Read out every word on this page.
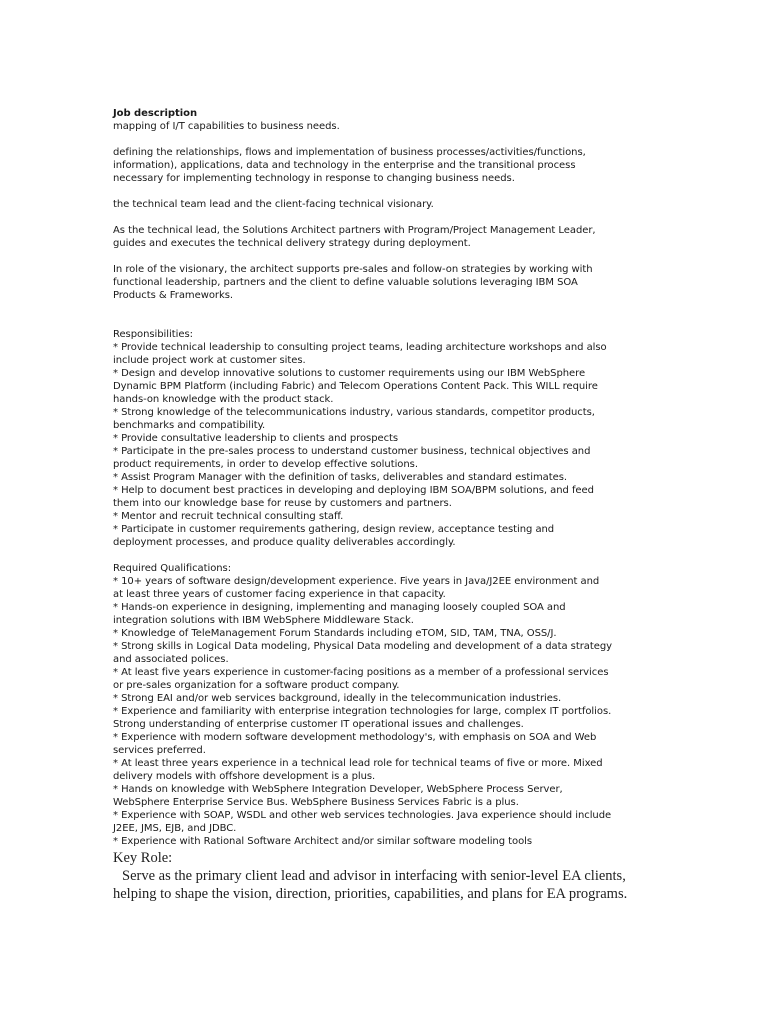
Job description
mapping of I/T capabilities to business needs.
defining the relationships, flows and implementation of business processes/activities/functions,
information), applications, data and technology in the enterprise and the transitional process
necessary for implementing technology in response to changing business needs.
the technical team lead and the client-facing technical visionary.
As the technical lead, the Solutions Architect partners with Program/Project Management Leader,
guides and executes the technical delivery strategy during deployment.
In role of the visionary, the architect supports pre-sales and follow-on strategies by working with
functional leadership, partners and the client to define valuable solutions leveraging IBM SOA
Products & Frameworks.
Responsibilities:
* Provide technical leadership to consulting project teams, leading architecture workshops and also
include project work at customer sites.
* Design and develop innovative solutions to customer requirements using our IBM WebSphere
Dynamic BPM Platform (including Fabric) and Telecom Operations Content Pack. This WILL require
hands-on knowledge with the product stack.
* Strong knowledge of the telecommunications industry, various standards, competitor products,
benchmarks and compatibility.
* Provide consultative leadership to clients and prospects
* Participate in the pre-sales process to understand customer business, technical objectives and
product requirements, in order to develop effective solutions.
* Assist Program Manager with the definition of tasks, deliverables and standard estimates.
* Help to document best practices in developing and deploying IBM SOA/BPM solutions, and feed
them into our knowledge base for reuse by customers and partners.
* Mentor and recruit technical consulting staff.
* Participate in customer requirements gathering, design review, acceptance testing and
deployment processes, and produce quality deliverables accordingly.
Required Qualifications:
* 10+ years of software design/development experience. Five years in Java/J2EE environment and
at least three years of customer facing experience in that capacity.
* Hands-on experience in designing, implementing and managing loosely coupled SOA and
integration solutions with IBM WebSphere Middleware Stack.
* Knowledge of TeleManagement Forum Standards including eTOM, SID, TAM, TNA, OSS/J.
* Strong skills in Logical Data modeling, Physical Data modeling and development of a data strategy
and associated polices.
* At least five years experience in customer-facing positions as a member of a professional services
or pre-sales organization for a software product company.
* Strong EAI and/or web services background, ideally in the telecommunication industries.
* Experience and familiarity with enterprise integration technologies for large, complex IT portfolios.
Strong understanding of enterprise customer IT operational issues and challenges.
* Experience with modern software development methodology's, with emphasis on SOA and Web
services preferred.
* At least three years experience in a technical lead role for technical teams of five or more. Mixed
delivery models with offshore development is a plus.
* Hands on knowledge with WebSphere Integration Developer, WebSphere Process Server,
WebSphere Enterprise Service Bus. WebSphere Business Services Fabric is a plus.
* Experience with SOAP, WSDL and other web services technologies. Java experience should include
J2EE, JMS, EJB, and JDBC.
* Experience with Rational Software Architect and/or similar software modeling tools
Key Role:
Serve as the primary client lead and advisor in interfacing with senior-level EA clients,
helping to shape the vision, direction, priorities, capabilities, and plans for EA programs.
